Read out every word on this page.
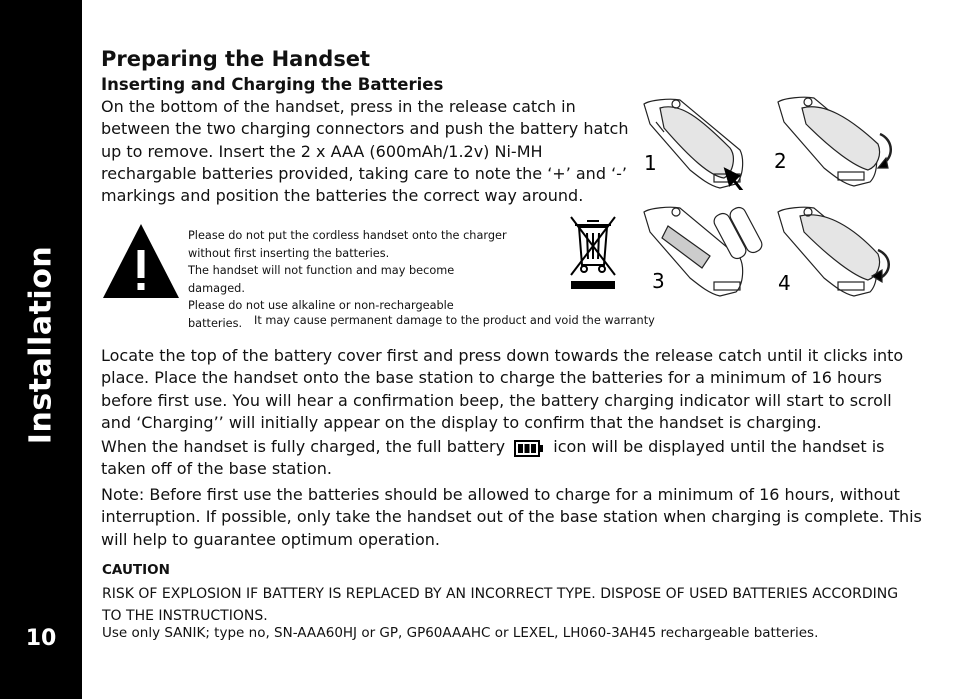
Installation
10
Preparing the Handset
Inserting and Charging the Batteries

On the bottom of the handset, press in the release catch in between the two charging connectors and push the battery hatch up to remove. Insert the 2 x AAA (600mAh/1.2v) Ni-MH rechargable batteries provided, taking care to note the ‘+’ and ‘-’ markings and position the batteries the correct way around.

Please do not put the cordless handset onto the charger without first inserting the batteries.
The handset will not function and may become damaged.
Please do not use alkaline or non-rechargeable batteries.	It may cause permanent damage to the product and void the warranty

1	2
3	4

Locate the top of the battery cover first and press down towards the release catch until it clicks into place. Place the handset onto the base station to charge the batteries for a minimum of 16 hours before first use. You will hear a confirmation beep, the battery charging indicator will start to scroll and ‘Charging’’ will initially appear on the display to confirm that the handset is charging.

When the handset is fully charged, the full battery	icon will be displayed until the handset is taken off of the base station.

Note: Before first use the batteries should be allowed to charge for a minimum of 16 hours, without interruption. If possible, only take the handset out of the base station when charging is complete. This will help to guarantee optimum operation.

CAUTION

RISK OF EXPLOSION IF BATTERY IS REPLACED BY AN INCORRECT TYPE. DISPOSE OF USED BATTERIES ACCORDING TO THE INSTRUCTIONS.

Use only SANIK; type no, SN-AAA60HJ or GP, GP60AAAHC or LEXEL, LH060-3AH45 rechargeable batteries.
